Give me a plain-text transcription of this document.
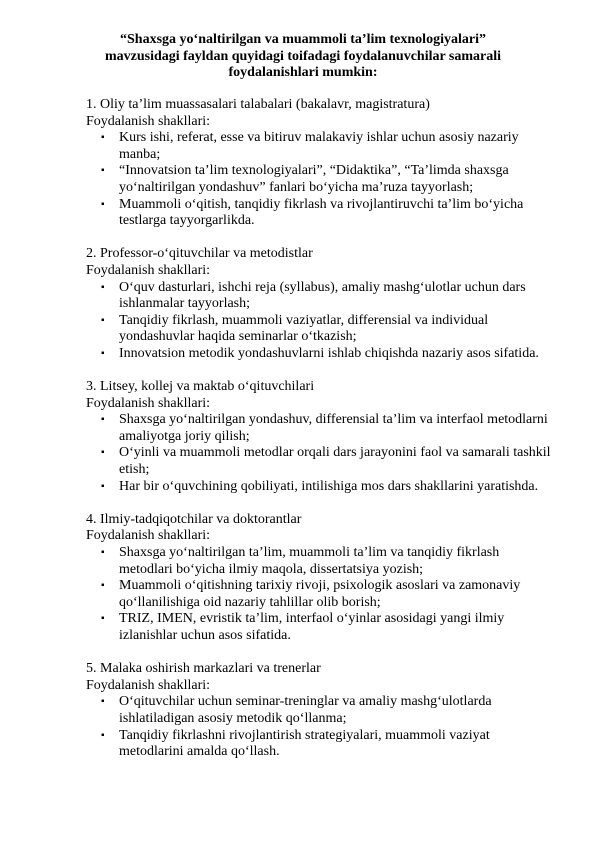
“Shaxsga yo‘naltirilgan va muammoli ta’lim texnologiyalari” mavzusidagi fayldan quyidagi toifadagi foydalanuvchilar samarali foydalanishlari mumkin:

1. Oliy ta’lim muassasalari talabalari (bakalavr, magistratura)

Foydalanish shakllari:

▪ Kurs ishi, referat, esse va bitiruv malakaviy ishlar uchun asosiy nazariy manba;
▪ “Innovatsion ta’lim texnologiyalari”, “Didaktika”, “Ta’limda shaxsga yo‘naltirilgan yondashuv” fanlari bo‘yicha ma’ruza tayyorlash;
▪ Muammoli o‘qitish, tanqidiy fikrlash va rivojlantiruvchi ta’lim bo‘yicha testlarga tayyorgarlikda.

2. Professor-o‘qituvchilar va metodistlar

Foydalanish shakllari:

▪ O‘quv dasturlari, ishchi reja (syllabus), amaliy mashg‘ulotlar uchun dars ishlanmalar tayyorlash;
▪ Tanqidiy fikrlash, muammoli vaziyatlar, differensial va individual yondashuvlar haqida seminarlar o‘tkazish;
▪ Innovatsion metodik yondashuvlarni ishlab chiqishda nazariy asos sifatida.

3. Litsey, kollej va maktab o‘qituvchilari

Foydalanish shakllari:

▪ Shaxsga yo‘naltirilgan yondashuv, differensial ta’lim va interfaol metodlarni amaliyotga joriy qilish;
▪ O‘yinli va muammoli metodlar orqali dars jarayonini faol va samarali tashkil etish;
▪ Har bir o‘quvchining qobiliyati, intilishiga mos dars shakllarini yaratishda.

4. Ilmiy-tadqiqotchilar va doktorantlar

Foydalanish shakllari:

▪ Shaxsga yo‘naltirilgan ta’lim, muammoli ta’lim va tanqidiy fikrlash metodlari bo‘yicha ilmiy maqola, dissertatsiya yozish;
▪ Muammoli o‘qitishning tarixiy rivoji, psixologik asoslari va zamonaviy qo‘llanilishiga oid nazariy tahlillar olib borish;
▪ TRIZ, IMEN, evristik ta’lim, interfaol o‘yinlar asosidagi yangi ilmiy izlanishlar uchun asos sifatida.

5. Malaka oshirish markazlari va trenerlar

Foydalanish shakllari:

▪ O‘qituvchilar uchun seminar-treninglar va amaliy mashg‘ulotlarda ishlatiladigan asosiy metodik qo‘llanma;
▪ Tanqidiy fikrlashni rivojlantirish strategiyalari, muammoli vaziyat metodlarini amalda qo‘llash.
